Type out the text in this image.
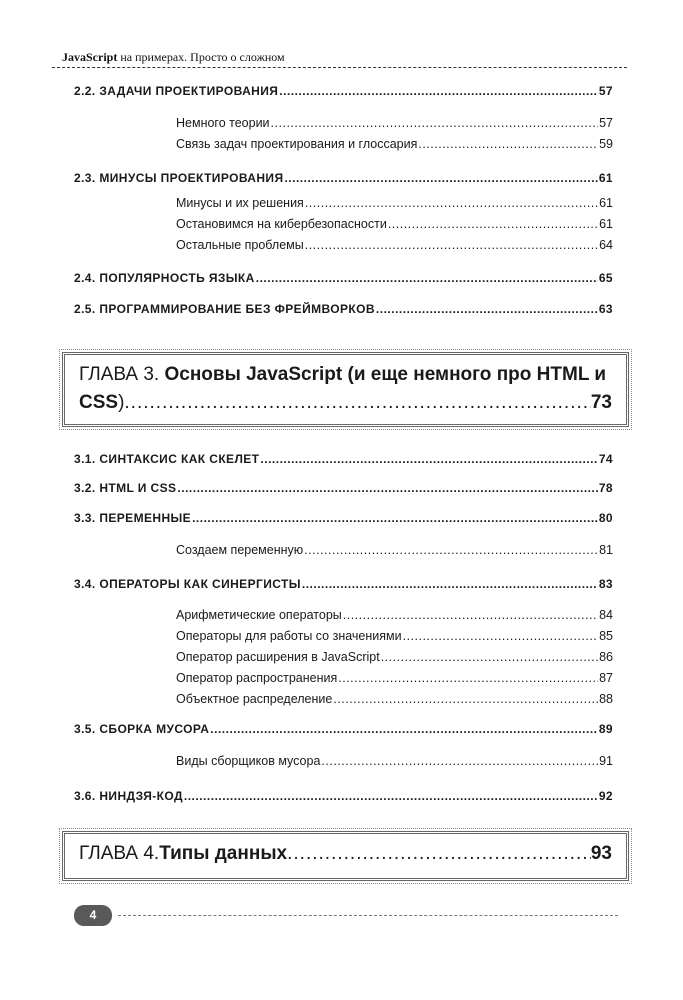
JavaScript на примерах. Просто о сложном
2.2. ЗАДАЧИ ПРОЕКТИРОВАНИЯ .....	57
Немного теории .....	57
Связь задач проектирования и глоссария .....	59
2.3. МИНУСЫ ПРОЕКТИРОВАНИЯ .....	61
Минусы и их решения .....	61
Остановимся на кибербезопасности .....	61
Остальные проблемы .....	64
2.4. ПОПУЛЯРНОСТЬ ЯЗЫКА .....	65
2.5. ПРОГРАММИРОВАНИЕ БЕЗ ФРЕЙМВОРКОВ .....	63
ГЛАВА 3. Основы JavaScript (и еще немного про HTML и
CSS ) .....	73
3.1. СИНТАКСИС КАК СКЕЛЕТ .....	74
3.2. HTML И CSS .....	78
3.3. ПЕРЕМЕННЫЕ .....	80
Создаем переменную .....	81
3.4. ОПЕРАТОРЫ КАК СИНЕРГИСТЫ .....	83
Арифметические операторы .....	84
Операторы для работы со значениями .....	85
Оператор расширения в JavaScript .....	86
Оператор распространения .....	87
Объектное распределение .....	88
3.5. СБОРКА МУСОРА .....	89
Виды сборщиков мусора .....	91
3.6. НИНДЗЯ-КОД .....	92
ГЛАВА 4. Типы данных .....	93
4
